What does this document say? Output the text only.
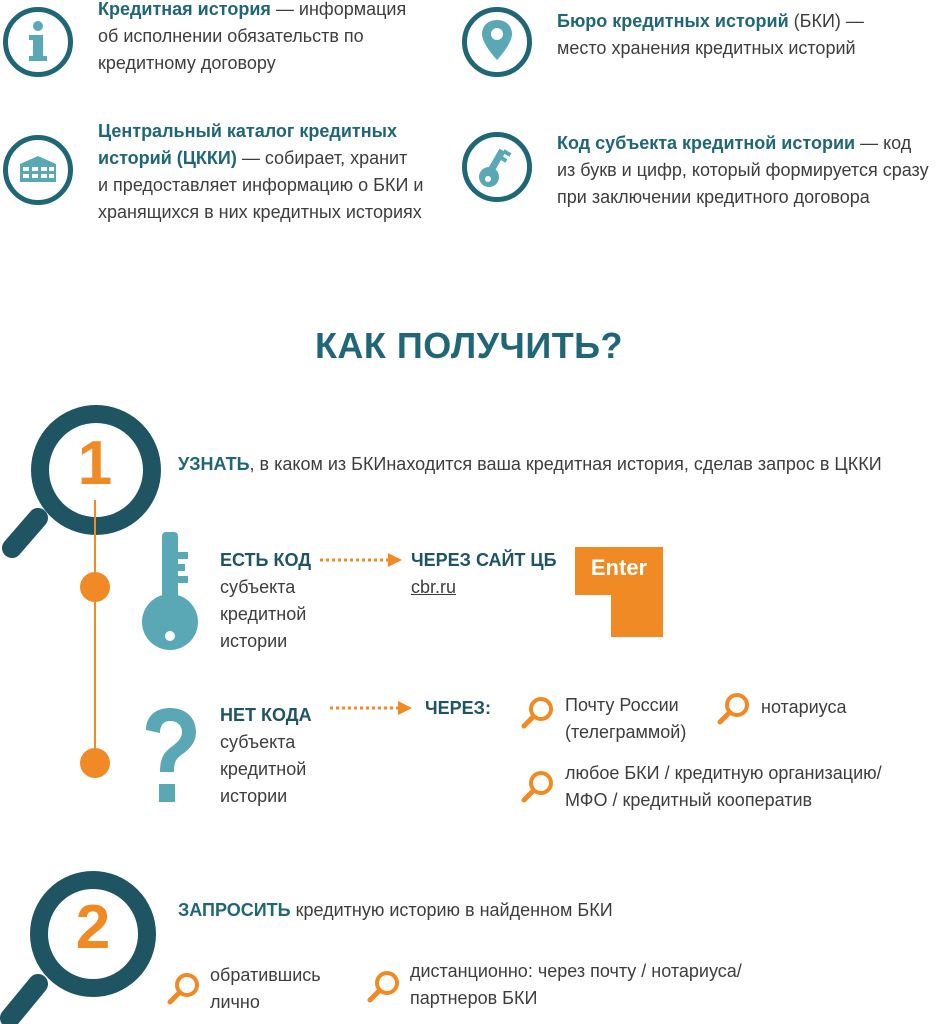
Кредитная история — информация
об исполнении обязательств по
кредитному договору
Бюро кредитных историй (БКИ) —
место хранения кредитных историй
Центральный каталог кредитных
историй (ЦККИ) — собирает, хранит
и предоставляет информацию о БКИ и
хранящихся в них кредитных историях
Код субъекта кредитной истории — код
из букв и цифр, который формируется сразу
при заключении кредитного договора
КАК ПОЛУЧИТЬ?
1	УЗНАТЬ, в каком из БКИнаходится ваша кредитная история, сделав запрос в ЦККИ
ЕСТЬ КОД
субъекта
кредитной
истории
ЧЕРЕЗ САЙТ ЦБ
cbr.ru
Enter
НЕТ КОДА
субъекта
кредитной
истории
ЧЕРЕЗ:	Почту России
(телеграммой)
нотариуса
любое БКИ / кредитную организацию/
МФО / кредитный кооператив
2	ЗАПРОСИТЬ кредитную историю в найденном БКИ
обратившись
лично
дистанционно: через почту / нотариуса/
партнеров БКИ
